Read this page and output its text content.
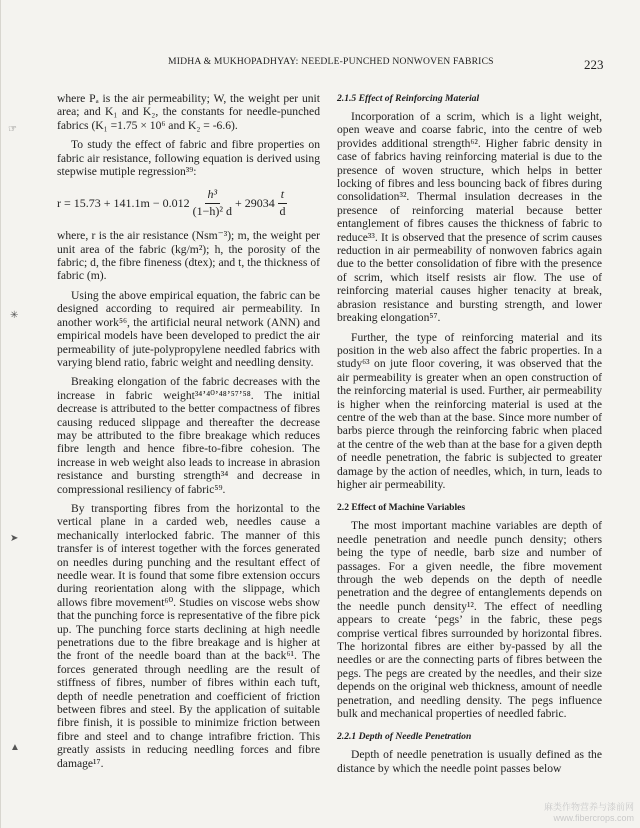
MIDHA & MUKHOPADHYAY: NEEDLE-PUNCHED NONWOVEN FABRICS	223
☞
✳
➤
▲

where Pₐ is the air permeability; W, the weight per unit area; and K₁ and K₂, the constants for needle-punched fabrics (K₁ =1.75 × 10⁶ and K₂ = -6.6).

To study the effect of fabric and fibre properties on fabric air resistance, following equation is derived using stepwise mutiple regression³⁹:

$r = 15.73 + 141.1m - 0.012 \frac{\text{h³}}{\text{(1−h)² d}} + 29034 \frac{t}{d}$

where, r is the air resistance (Nsm⁻³); m, the weight per unit area of the fabric (kg/m²); h, the porosity of the fabric; d, the fibre fineness (dtex); and t, the thickness of fabric (m).

Using the above empirical equation, the fabric can be designed according to required air permeability. In another work⁵⁶, the artificial neural network (ANN) and empirical models have been developed to predict the air permeability of jute-polypropylene needled fabrics with varying blend ratio, fabric weight and needling density.

Breaking elongation of the fabric decreases with the increase in fabric weight³⁴ʼ⁴⁰ʼ⁴⁸ʼ⁵⁷ʼ⁵⁸. The initial decrease is attributed to the better compactness of fibres causing reduced slippage and thereafter the decrease may be attributed to the fibre breakage which reduces fibre length and hence fibre-to-fibre cohesion. The increase in web weight also leads to increase in abrasion resistance and bursting strength³⁴ and decrease in compressional resiliency of fabric⁵⁹.

By transporting fibres from the horizontal to the vertical plane in a carded web, needles cause a mechanically interlocked fabric. The manner of this transfer is of interest together with the forces generated on needles during punching and the resultant effect of needle wear. It is found that some fibre extension occurs during reorientation along with the slippage, which allows fibre movement⁶⁰. Studies on viscose webs show that the punching force is representative of the fibre pick up. The punching force starts declining at high needle penetrations due to the fibre breakage and is higher at the front of the needle board than at the back⁶¹. The forces generated through needling are the result of stiffness of fibres, number of fibres within each tuft, depth of needle penetration and coefficient of friction between fibres and steel. By the application of suitable fibre finish, it is possible to minimize friction between fibre and steel and to change intrafibre friction. This greatly assists in reducing needling forces and fibre damage¹⁷.

2.1.5 Effect of Reinforcing Material

Incorporation of a scrim, which is a light weight, open weave and coarse fabric, into the centre of web provides additional strength⁶². Higher fabric density in case of fabrics having reinforcing material is due to the presence of woven structure, which helps in better locking of fibres and less bouncing back of fibres during consolidation³². Thermal insulation decreases in the presence of reinforcing material because better entanglement of fibres causes the thickness of fabric to reduce³³. It is observed that the presence of scrim causes reduction in air permeability of nonwoven fabrics again due to the better consolidation of fibre with the presence of scrim, which itself resists air flow. The use of reinforcing material causes higher tenacity at break, abrasion resistance and bursting strength, and lower breaking elongation⁵⁷.

Further, the type of reinforcing material and its position in the web also affect the fabric properties. In a study⁶³ on jute floor covering, it was observed that the air permeability is greater when an open construction of the reinforcing material is used. Further, air permeability is higher when the reinforcing material is used at the centre of the web than at the base. Since more number of barbs pierce through the reinforcing fabric when placed at the centre of the web than at the base for a given depth of needle penetration, the fabric is subjected to greater damage by the action of needles, which, in turn, leads to higher air permeability.

2.2 Effect of Machine Variables

The most important machine variables are depth of needle penetration and needle punch density; others being the type of needle, barb size and number of passages. For a given needle, the fibre movement through the web depends on the depth of needle penetration and the degree of entanglements depends on the needle punch density¹². The effect of needling appears to create ‘pegs’ in the fabric, these pegs comprise vertical fibres surrounded by horizontal fibres. The horizontal fibres are either by-passed by all the needles or are the connecting parts of fibres between the pegs. The pegs are created by the needles, and their size depends on the original web thickness, amount of needle penetration, and needling density. The pegs influence bulk and mechanical properties of needled fabric.

2.2.1 Depth of Needle Penetration

Depth of needle penetration is usually defined as the distance by which the needle point passes below

麻类作物营养与漆前网 www.fibercrops.com
